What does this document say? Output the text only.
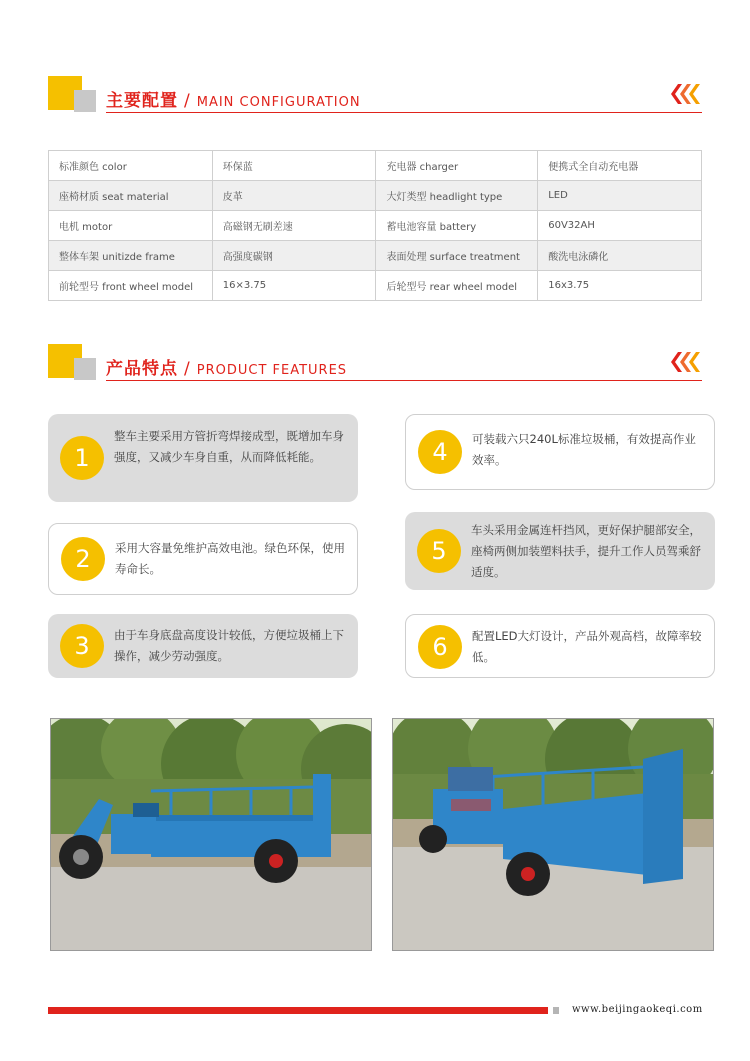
主要配置 / MAIN CONFIGURATION
标准颜色 color	环保蓝	充电器 charger	便携式全自动充电器
座椅材质 seat material	皮革	大灯类型 headlight type	LED
电机 motor	高磁钢无刷差速	蓄电池容量 battery	60V32AH
整体车架 unitizde frame	高强度碳钢	表面处理 surface treatment	酸洗电泳磷化
前轮型号 front wheel model	16×3.75	后轮型号 rear wheel model	16x3.75
产品特点 / PRODUCT FEATURES
1
整车主要采用方管折弯焊接成型，既增加车身强度，又减少车身自重，从而降低耗能。
2	采用大容量免维护高效电池。绿色环保，使用寿命长。
3	由于车身底盘高度设计较低，方便垃圾桶上下操作，减少劳动强度。
4	可装载六只240L标准垃圾桶，有效提高作业效率。
5
车头采用金属连杆挡风，更好保护腿部安全，座椅两侧加装塑料扶手，提升工作人员驾乘舒适度。
6	配置LED大灯设计，产品外观高档，故障率较低。
www.beijingaokeqi.com
